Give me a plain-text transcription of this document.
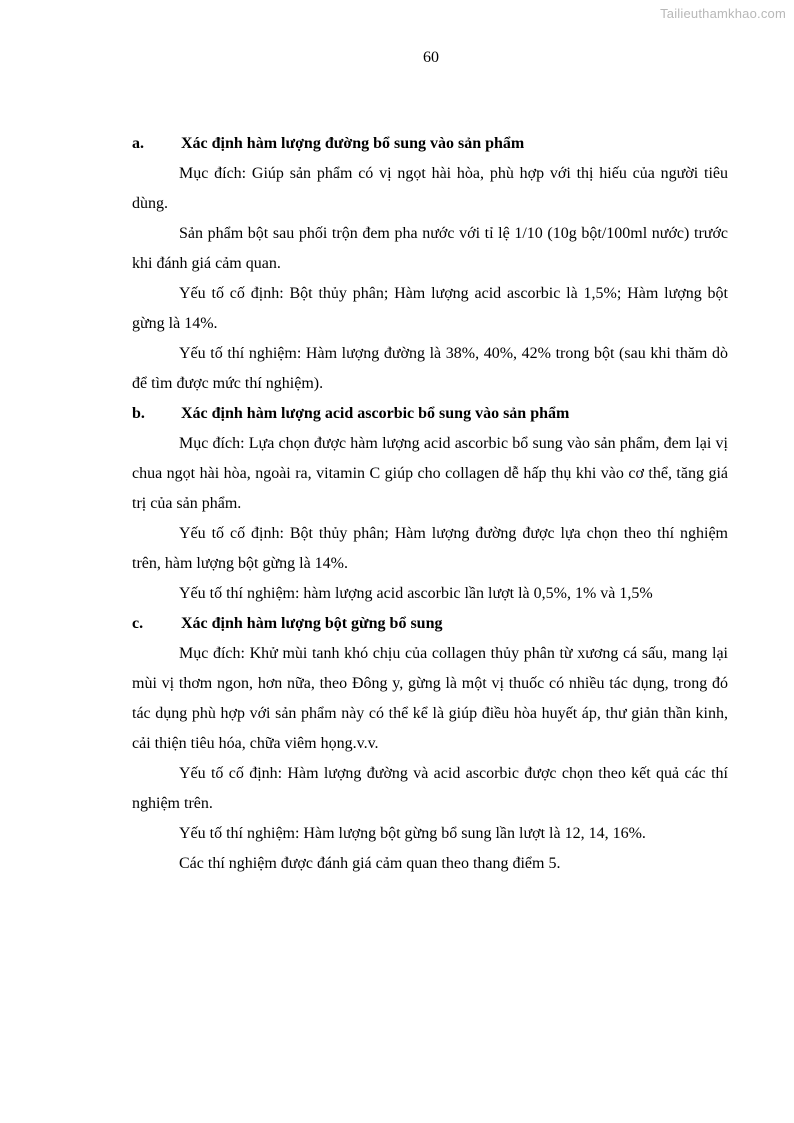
Tailieuthamkhao.com
60
a. Xác định hàm lượng đường bổ sung vào sản phẩm

Mục đích: Giúp sản phẩm có vị ngọt hài hòa, phù hợp với thị hiếu của người tiêu dùng.

Sản phẩm bột sau phối trộn đem pha nước với tỉ lệ 1/10 (10g bột/100ml nước) trước khi đánh giá cảm quan.

Yếu tố cố định: Bột thủy phân; Hàm lượng acid ascorbic là 1,5%; Hàm lượng bột gừng là 14%.

Yếu tố thí nghiệm: Hàm lượng đường là 38%, 40%, 42% trong bột (sau khi thăm dò để tìm được mức thí nghiệm).

b. Xác định hàm lượng acid ascorbic bổ sung vào sản phẩm

Mục đích: Lựa chọn được hàm lượng acid ascorbic bổ sung vào sản phẩm, đem lại vị chua ngọt hài hòa, ngoài ra, vitamin C giúp cho collagen dễ hấp thụ khi vào cơ thể, tăng giá trị của sản phẩm.

Yếu tố cố định: Bột thủy phân; Hàm lượng đường được lựa chọn theo thí nghiệm trên, hàm lượng bột gừng là 14%.

Yếu tố thí nghiệm: hàm lượng acid ascorbic lần lượt là 0,5%, 1% và 1,5%

c. Xác định hàm lượng bột gừng bổ sung

Mục đích: Khử mùi tanh khó chịu của collagen thủy phân từ xương cá sấu, mang lại mùi vị thơm ngon, hơn nữa, theo Đông y, gừng là một vị thuốc có nhiều tác dụng, trong đó tác dụng phù hợp với sản phẩm này có thể kể là giúp điều hòa huyết áp, thư giản thần kinh, cải thiện tiêu hóa, chữa viêm họng.v.v.

Yếu tố cố định: Hàm lượng đường và acid ascorbic được chọn theo kết quả các thí nghiệm trên.

Yếu tố thí nghiệm: Hàm lượng bột gừng bổ sung lần lượt là 12, 14, 16%.

Các thí nghiệm được đánh giá cảm quan theo thang điểm 5.
